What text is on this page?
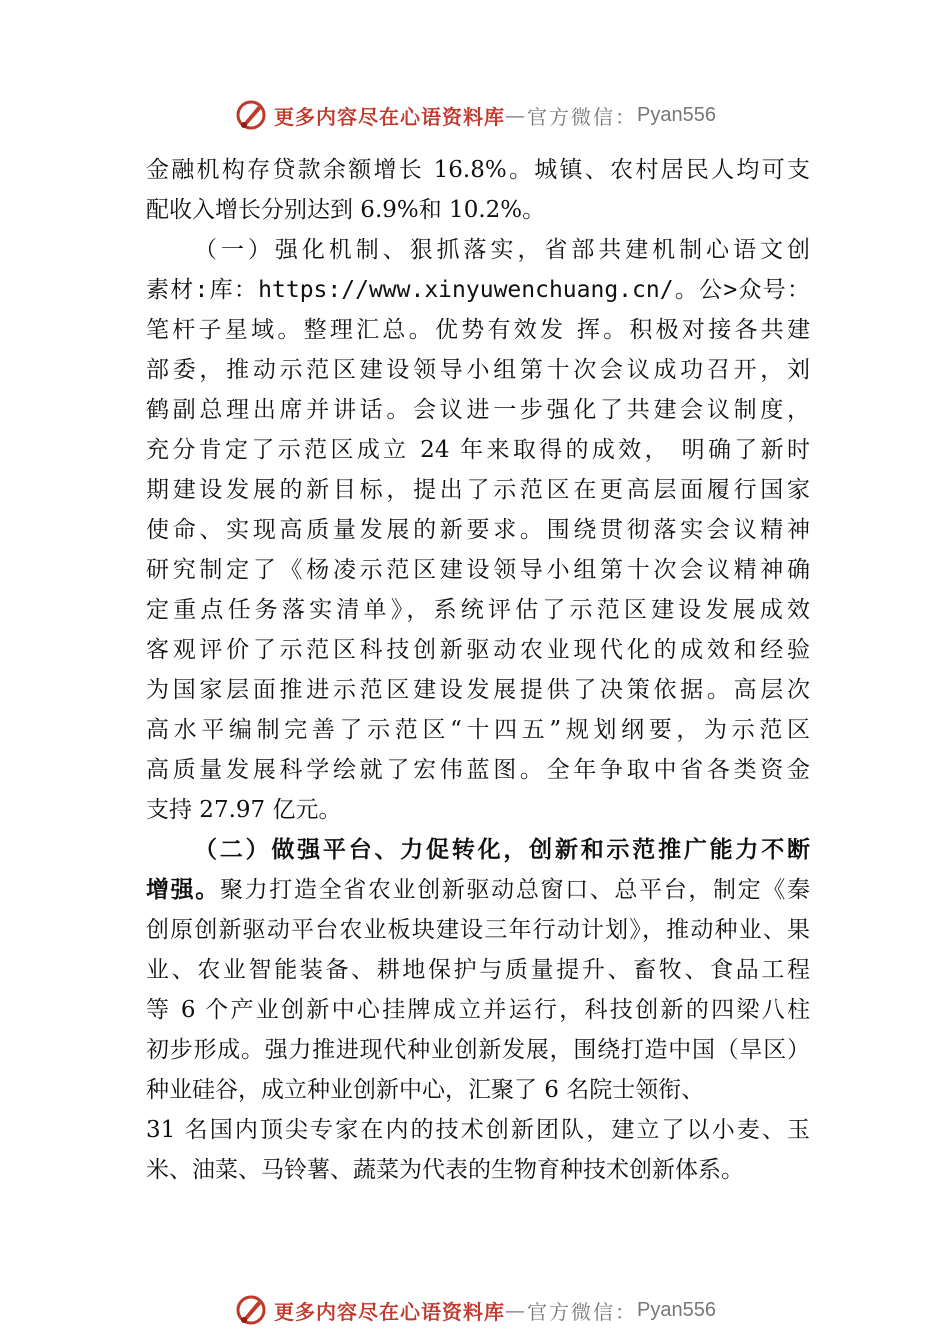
更多内容尽在心语资料库 — 官方微信： Pyan556
金融机构存贷款余额增长 16.8%。城镇、农村居民人均可支
配收入增长分别达到 6.9%和 10.2%。
（一）强化机制、狠抓落实，省部共建机制心语文创
素材:库：https://www.xinyuwenchuang.cn/。公>众号：
笔杆子星域。整理汇总。优势有效发 挥。积极对接各共建
部委，推动示范区建设领导小组第十次会议成功召开，刘
鹤副总理出席并讲话。会议进一步强化了共建会议制度，
充分肯定了示范区成立 24 年来取得的成效， 明确了新时
期建设发展的新目标，提出了示范区在更高层面履行国家
使命、实现高质量发展的新要求。围绕贯彻落实会议精神
研究制定了《杨凌示范区建设领导小组第十次会议精神确
定重点任务落实清单》，系统评估了示范区建设发展成效
客观评价了示范区科技创新驱动农业现代化的成效和经验
为国家层面推进示范区建设发展提供了决策依据。高层次
高水平编制完善了示范区“十四五”规划纲要，为示范区
高质量发展科学绘就了宏伟蓝图。全年争取中省各类资金
支持 27.97 亿元。
（二）做强平台、力促转化，创新和示范推广能力不断
增强。聚力打造全省农业创新驱动总窗口、总平台，制定《秦
创原创新驱动平台农业板块建设三年行动计划》，推动种业、果
业、农业智能装备、耕地保护与质量提升、畜牧、食品工程
等 6 个产业创新中心挂牌成立并运行，科技创新的四梁八柱
初步形成。强力推进现代种业创新发展，围绕打造中国（旱区）
种业硅谷，成立种业创新中心，汇聚了 6 名院士领衔、
31 名国内顶尖专家在内的技术创新团队，建立了以小麦、玉
米、油菜、马铃薯、蔬菜为代表的生物育种技术创新体系。
更多内容尽在心语资料库 — 官方微信： Pyan556
